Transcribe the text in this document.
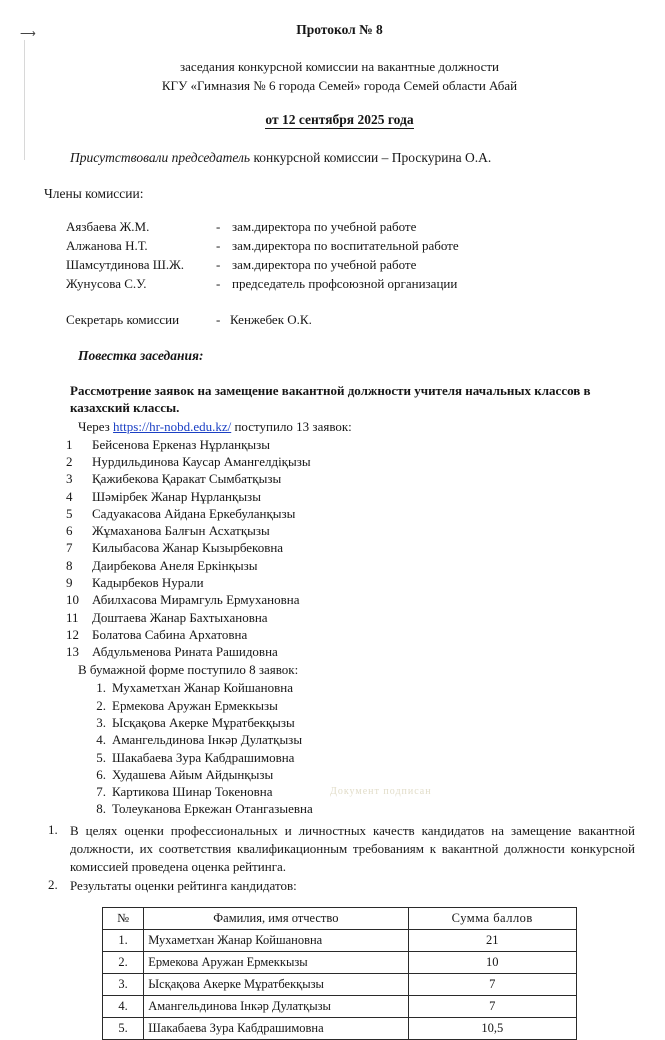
⟶	Протокол № 8
заседания конкурсной комиссии на вакантные должности
КГУ «Гимназия № 6 города Семей» города Семей области Абай
от 12 сентября 2025 года
Присутствовали председатель конкурсной комиссии – Проскурина О.А.
Члены комиссии:
Аязбаева Ж.М.	-	зам.директора по учебной работе
Алжанова Н.Т.	-	зам.директора по воспитательной работе
Шамсутдинова Ш.Ж.	-	зам.директора по учебной работе
Жунусова С.У.	-	председатель профсоюзной организации
Секретарь комиссии	- Кенжебек О.К.
Повестка заседания:
Рассмотрение заявок на замещение вакантной должности учителя начальных классов в казахский классы.
Через https://hr-nobd.edu.kz/ поступило 13 заявок:
1 Бейсенова Еркеназ Нұрланқызы
2 Нурдильдинова Каусар Амангелдіқызы
3 Қажибекова Қаракат Сымбатқызы
4 Шәмірбек Жанар Нұрланқызы
5 Садуакасова Айдана Еркебуланқызы
6 Жұмаханова Балғын Асхатқызы
7 Килыбасова Жанар Кызырбековна
8 Даирбекова Анеля Еркінқызы
9 Кадырбеков Нурали
10 Абилхасова Мирамгуль Ермухановна
11 Доштаева Жанар Бахтыхановна
12 Болатова Сабина Архатовна
13 Абдульменова Рината Рашидовна
В бумажной форме поступило 8 заявок:
1. Мухаметхан Жанар Койшановна
2. Ермекова Аружан Ермеккызы
3. Ысқақова Акерке Мұратбекқызы
4. Амангельдинова Інкәр Дулатқызы
5. Шакабаева Зура Кабдрашимовна
6. Худашева Айым Айдынқызы
7. Картикова Шинар Токеновна
8. Толеуканова Еркежан Отангазыевна
1. В целях оценки профессиональных и личностных качеств кандидатов на замещение вакантной должности, их соответствия квалификационным требованиям к вакантной должности конкурсной комиссией проведена оценка рейтинга.
2. Результаты оценки рейтинга кандидатов:
Документ подписан
№	Фамилия, имя отчество	Сумма баллов
1.	Мухаметхан Жанар Койшановна	21
2.	Ермекова Аружан Ермеккызы	10
3.	Ысқақова Акерке Мұратбекқызы	7
4.	Амангельдинова Інкәр Дулатқызы	7
5.	Шакабаева Зура Кабдрашимовна	10,5
